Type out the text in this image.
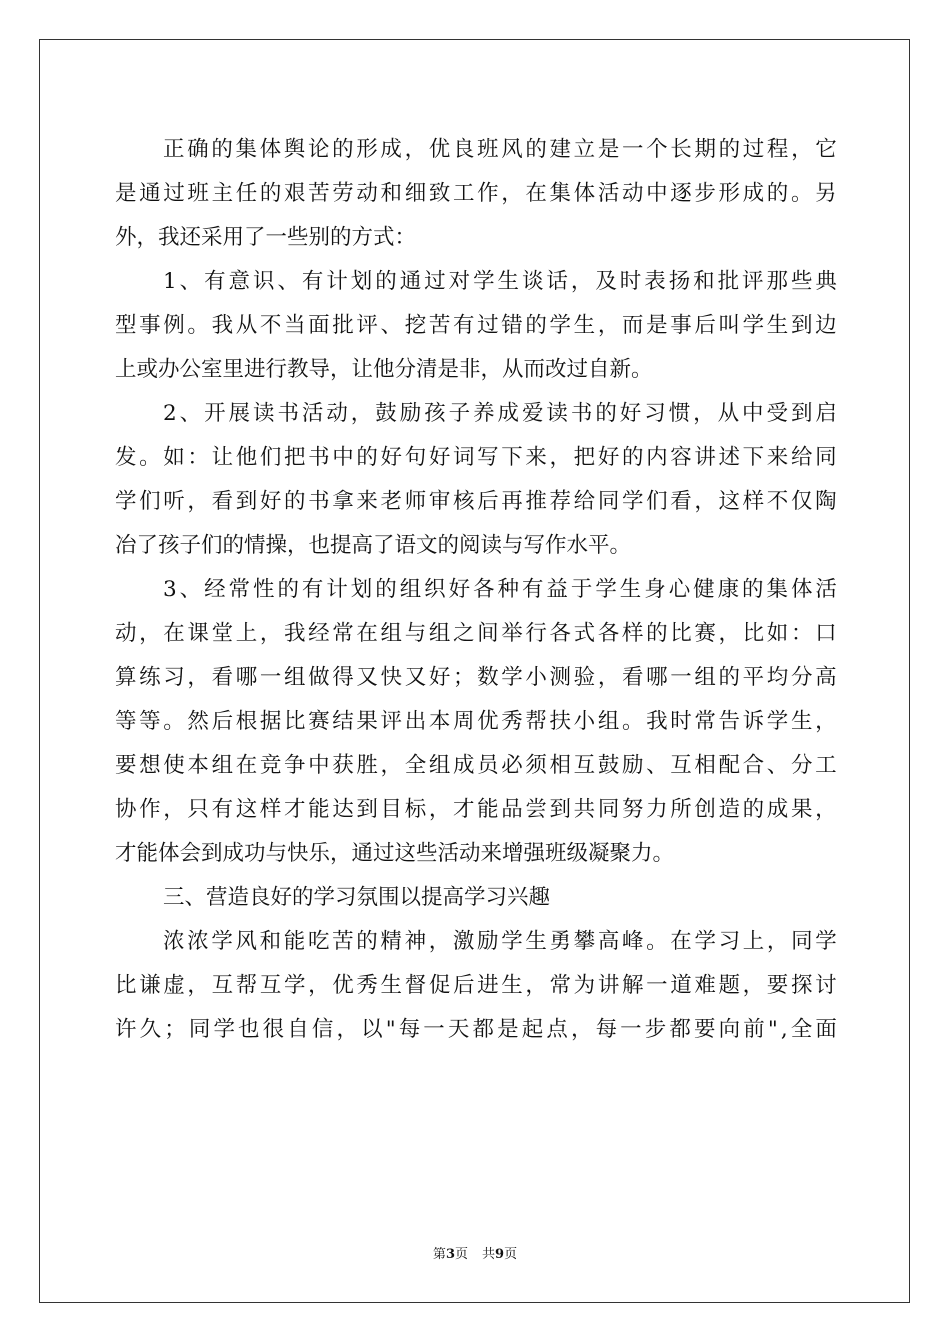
正 确 的 集 体 舆 论 的 形 成 ， 优 良 班 风 的 建 立 是 一 个 长 期 的 过 程 ， 它
是 通 过 班 主 任 的 艰 苦 劳 动 和 细 致 工 作 ， 在 集 体 活 动 中 逐 步 形 成 的 。 另
外，我还采用了一些别的方式：
1 、 有 意 识 、 有 计 划 的 通 过 对 学 生 谈 话 ， 及 时 表 扬 和 批 评 那 些 典
型 事 例 。 我 从 不 当 面 批 评 、 挖 苦 有 过 错 的 学 生 ， 而 是 事 后 叫 学 生 到 边
上或办公室里进行教导，让他分清是非，从而改过自新。
2 、 开 展 读 书 活 动 ， 鼓 励 孩 子 养 成 爱 读 书 的 好 习 惯 ， 从 中 受 到 启
发 。 如 ： 让 他 们 把 书 中 的 好 句 好 词 写 下 来 ， 把 好 的 内 容 讲 述 下 来 给 同
学 们 听 ， 看 到 好 的 书 拿 来 老 师 审 核 后 再 推 荐 给 同 学 们 看 ， 这 样 不 仅 陶
冶了孩子们的情操，也提高了语文的阅读与写作水平。
3 、 经 常 性 的 有 计 划 的 组 织 好 各 种 有 益 于 学 生 身 心 健 康 的 集 体 活
动 ， 在 课 堂 上 ， 我 经 常 在 组 与 组 之 间 举 行 各 式 各 样 的 比 赛 ， 比 如 ： 口
算 练 习 ， 看 哪 一 组 做 得 又 快 又 好 ； 数 学 小 测 验 ， 看 哪 一 组 的 平 均 分 高
等 等 。 然 后 根 据 比 赛 结 果 评 出 本 周 优 秀 帮 扶 小 组 。 我 时 常 告 诉 学 生 ，
要 想 使 本 组 在 竞 争 中 获 胜 ， 全 组 成 员 必 须 相 互 鼓 励 、 互 相 配 合 、 分 工
协 作 ， 只 有 这 样 才 能 达 到 目 标 ， 才 能 品 尝 到 共 同 努 力 所 创 造 的 成 果 ，
才能体会到成功与快乐，通过这些活动来增强班级凝聚力。
三、营造良好的学习氛围以提高学习兴趣
浓 浓 学 风 和 能 吃 苦 的 精 神 ， 激 励 学 生 勇 攀 高 峰 。 在 学 习 上 ， 同 学
比 谦 虚 ， 互 帮 互 学 ， 优 秀 生 督 促 后 进 生 ， 常 为 讲 解 一 道 难 题 ， 要 探 讨
许 久 ； 同 学 也 很 自 信 ， 以 " 每 一 天 都 是 起 点 ， 每 一 步 都 要 向 前 " , 全 面
第3页 共9页
